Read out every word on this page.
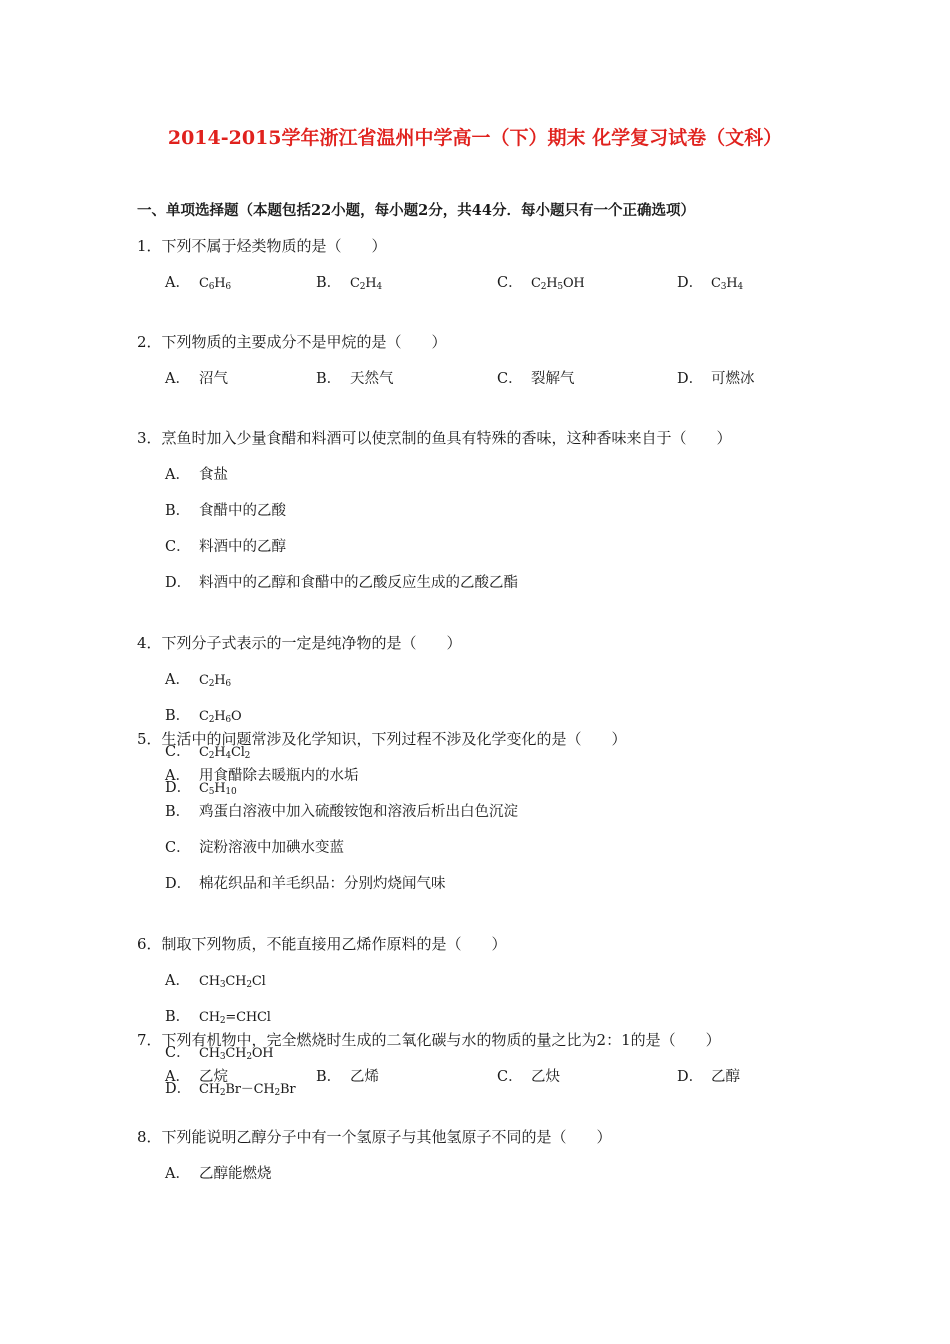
2014-2015学年浙江省温州中学高一（下）期末 化学复习试卷（文科）
一、单项选择题（本题包括22小题，每小题2分，共44分．每小题只有一个正确选项）
1．下列不属于烃类物质的是（　　）
A． $C_6H_6$	B． $C_2H_4$	C． $C_2H_5OH$	D． $C_3H_4$
2．下列物质的主要成分不是甲烷的是（　　）
A． 沼气	B． 天然气	C． 裂解气	D． 可燃冰
3．烹鱼时加入少量食醋和料酒可以使烹制的鱼具有特殊的香味，这种香味来自于（　　）
A． 食盐
B． 食醋中的乙酸
C． 料酒中的乙醇
D． 料酒中的乙醇和食醋中的乙酸反应生成的乙酸乙酯
4．下列分子式表示的一定是纯净物的是（　　）
A． $C_2H_6$
B． $C_2H_6O$
C． $C_2H_4Cl_2$
D． $C_5H_{10}$
5．生活中的问题常涉及化学知识，下列过程不涉及化学变化的是（　　）
A． 用食醋除去暖瓶内的水垢
B． 鸡蛋白溶液中加入硫酸铵饱和溶液后析出白色沉淀
C． 淀粉溶液中加碘水变蓝
D． 棉花织品和羊毛织品：分别灼烧闻气味
6．制取下列物质，不能直接用乙烯作原料的是（　　）
A． $CH_3CH_2Cl$
B． $CH_2=CHCl$
C． $CH_3CH_2OH$
D． $CH_2Br-CH_2Br$
7．下列有机物中，完全燃烧时生成的二氧化碳与水的物质的量之比为2：1的是（　　）
A． 乙烷	B． 乙烯	C． 乙炔	D． 乙醇
8．下列能说明乙醇分子中有一个氢原子与其他氢原子不同的是（　　）
A． 乙醇能燃烧
